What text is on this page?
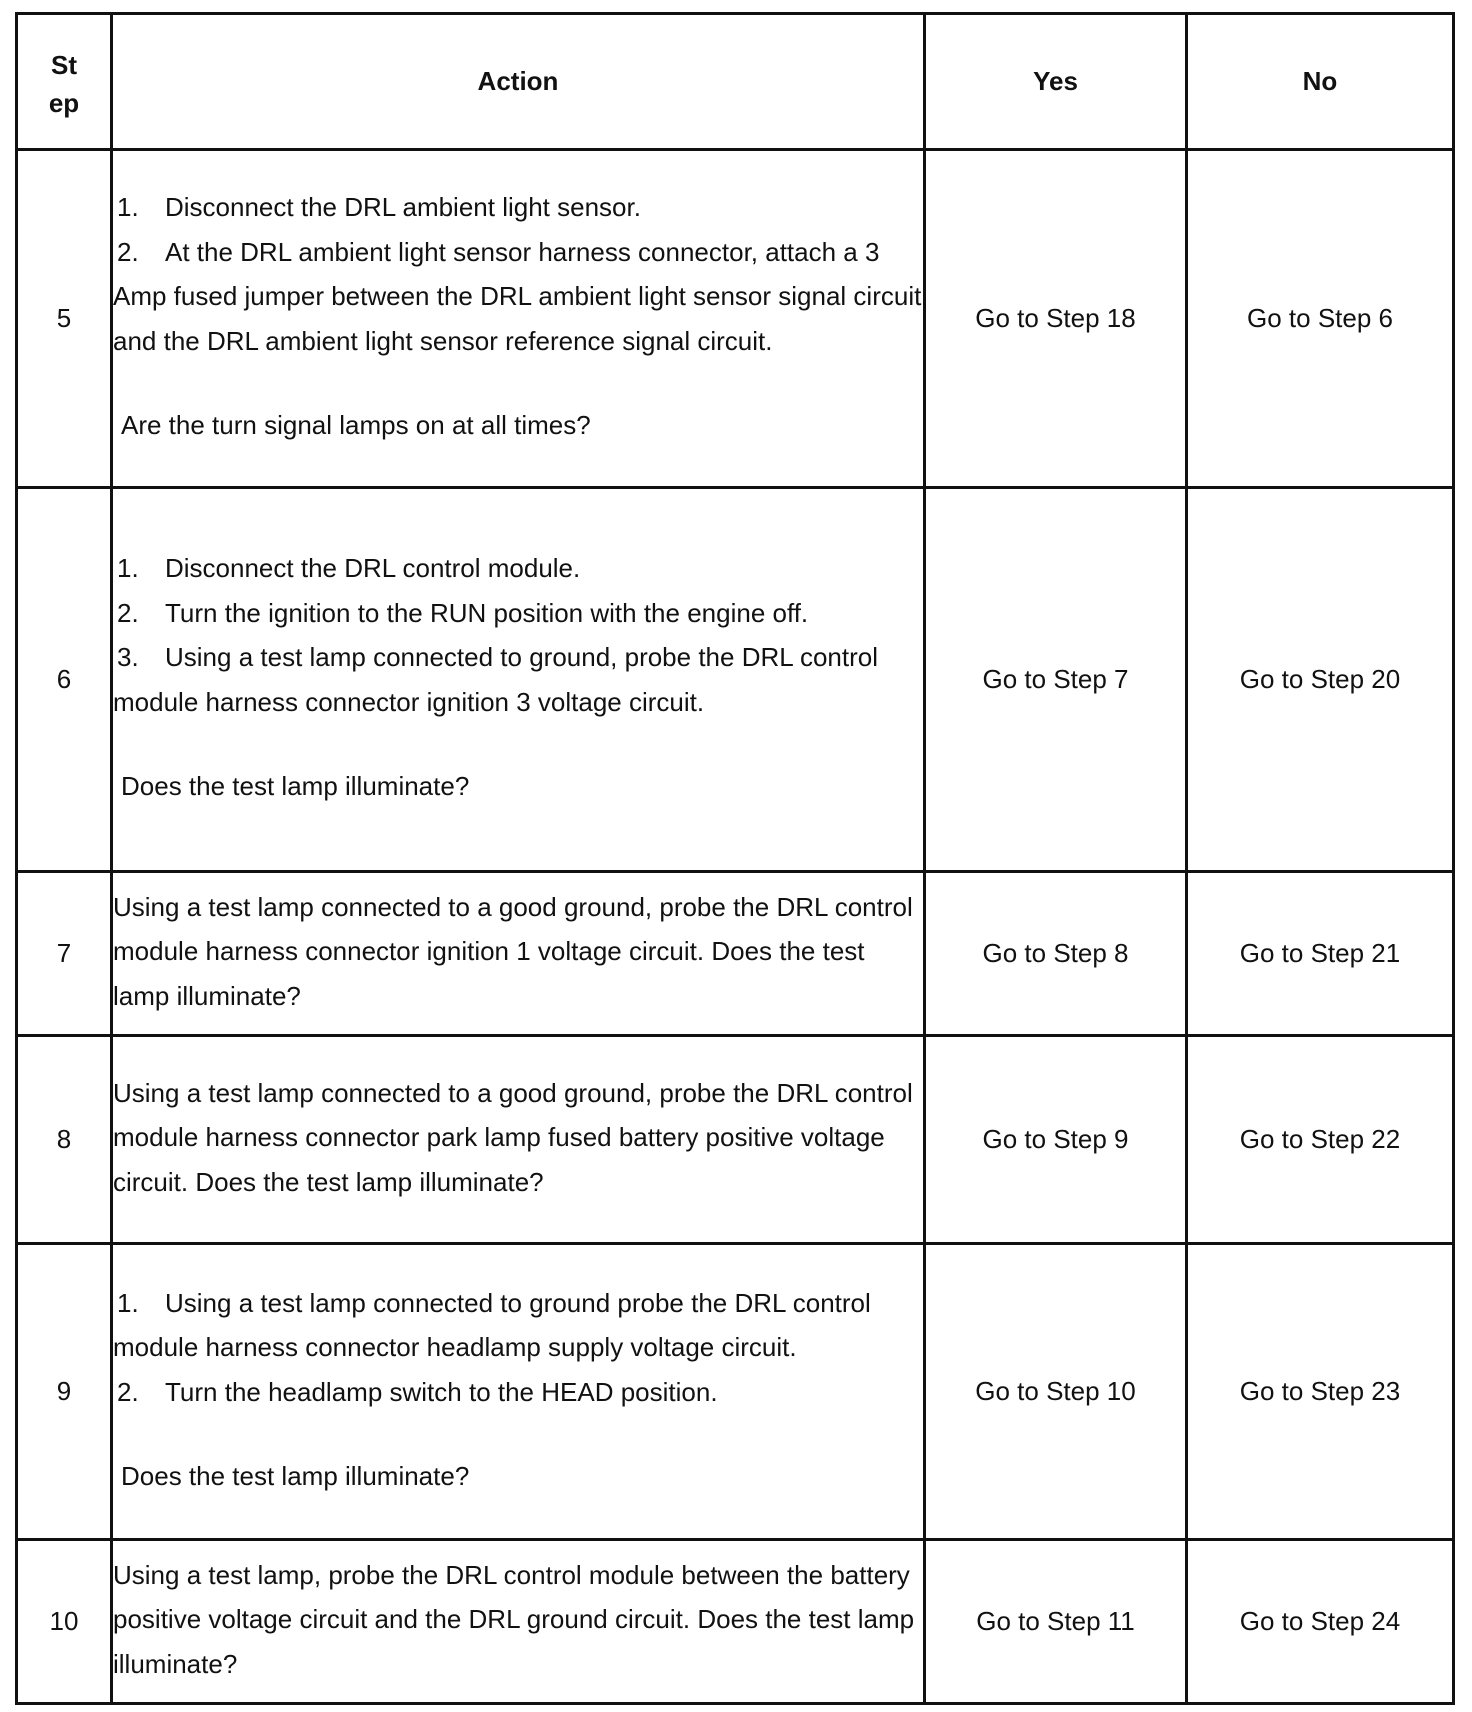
St
ep	Action	Yes	No
5	1. Disconnect the DRL ambient light sensor.
2. At the DRL ambient light sensor harness connector, attach a 3 Amp fused jumper between the DRL ambient light sensor signal circuit and the DRL ambient light sensor reference signal circuit.
Are the turn signal lamps on at all times?	Go to Step 18	Go to Step 6
6	1. Disconnect the DRL control module.
2. Turn the ignition to the RUN position with the engine off.
3. Using a test lamp connected to ground, probe the DRL control module harness connector ignition 3 voltage circuit.
Does the test lamp illuminate?	Go to Step 7	Go to Step 20
7	Using a test lamp connected to a good ground, probe the DRL control module harness connector ignition 1 voltage circuit. Does the test lamp illuminate?	Go to Step 8	Go to Step 21
8	Using a test lamp connected to a good ground, probe the DRL control module harness connector park lamp fused battery positive voltage circuit. Does the test lamp illuminate?	Go to Step 9	Go to Step 22
9	1. Using a test lamp connected to ground probe the DRL control module harness connector headlamp supply voltage circuit.
2. Turn the headlamp switch to the HEAD position.
Does the test lamp illuminate?	Go to Step 10	Go to Step 23
10	Using a test lamp, probe the DRL control module between the battery positive voltage circuit and the DRL ground circuit. Does the test lamp illuminate?	Go to Step 11	Go to Step 24
